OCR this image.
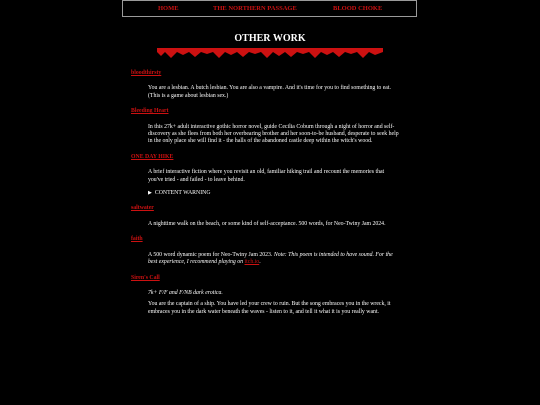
HOME	THE NORTHERN PASSAGE	BLOOD CHOKE
OTHER WORK
bloodthirsty
You are a lesbian. A butch lesbian. You are also a vampire. And it's time for you to find something to eat. (This is a game about lesbian sex.)
Bleeding Heart
In this 27k+ adult interactive gothic horror novel, guide Cecilia Coburn through a night of horror and self-discovery as she flees from both her overbearing brother and her soon-to-be husband, desperate to seek help in the only place she will find it - the halls of the abandoned castle deep within the witch's wood.
ONE DAY HIKE
A brief interactive fiction where you revisit an old, familiar hiking trail and recount the memories that you've tried - and failed - to leave behind.
▶ CONTENT WARNING
saltwater
A nighttime walk on the beach, or some kind of self-acceptance. 500 words, for Neo-Twiny Jam 2024.
faith
A 500 word dynamic poem for Neo-Twiny Jam 2023. Note: This poem is intended to have sound. For the best experience, I recommend playing on itch.io.
Siren's Call
7k+ F/F and F/NB dark erotica.
You are the captain of a ship. You have led your crew to ruin. But the song embraces you in the wreck, it embraces you in the dark water beneath the waves - listen to it, and tell it what it is you really want.
